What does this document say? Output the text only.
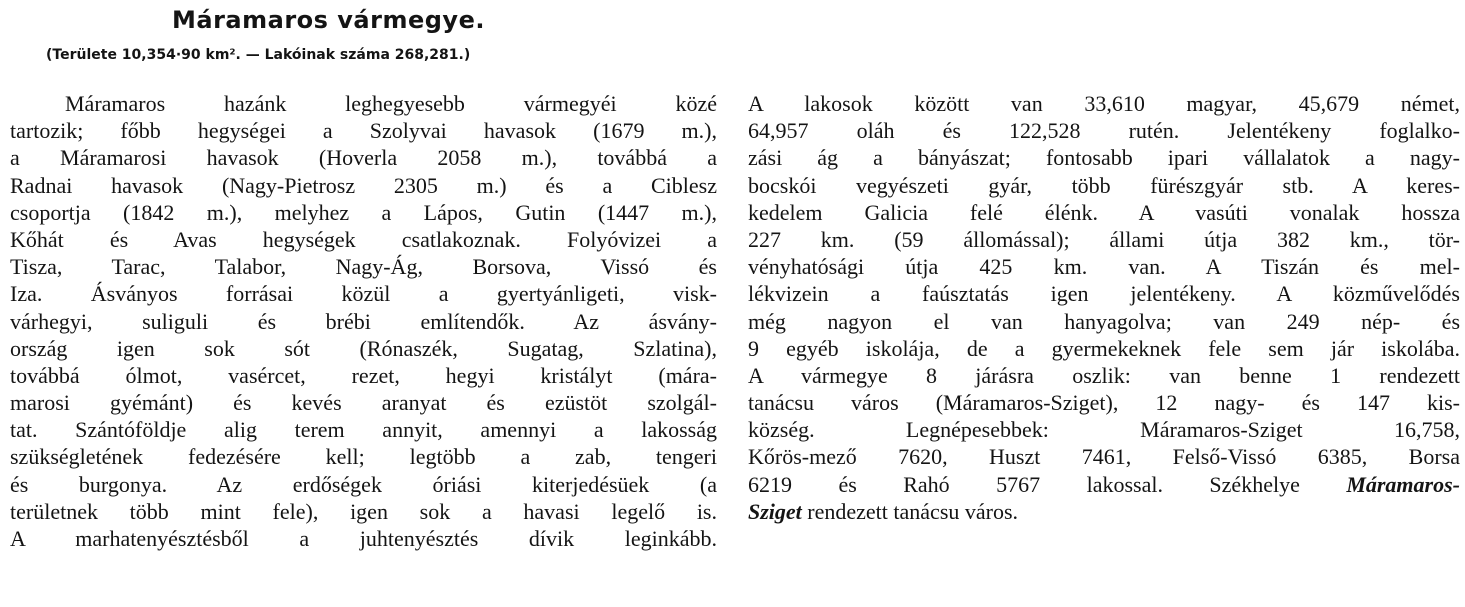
Máramaros vármegye.

(Területe 10,354·90 km². — Lakóinak száma 268,281.)

Máramaros hazánk leghegyesebb vármegyéi közé
tartozik; főbb hegységei a Szolyvai havasok (1679 m.),
a Máramarosi havasok (Hoverla 2058 m.), továbbá a
Radnai havasok (Nagy-Pietrosz 2305 m.) és a Ciblesz
csoportja (1842 m.), melyhez a Lápos, Gutin (1447 m.),
Kőhát és Avas hegységek csatlakoznak. Folyóvizei a
Tisza, Tarac, Talabor, Nagy-Ág, Borsova, Vissó és
Iza. Ásványos forrásai közül a gyertyánligeti, visk-
várhegyi, suliguli és brébi említendők. Az ásvány-
ország igen sok sót (Rónaszék, Sugatag, Szlatina),
továbbá ólmot, vasércet, rezet, hegyi kristályt (mára-
marosi gyémánt) és kevés aranyat és ezüstöt szolgál-
tat. Szántóföldje alig terem annyit, amennyi a lakosság
szükségletének fedezésére kell; legtöbb a zab, tengeri
és burgonya. Az erdőségek óriási kiterjedésüek (a
területnek több mint fele), igen sok a havasi legelő is.
A marhatenyésztésből a juhtenyésztés dívik leginkább.
A lakosok között van 33,610 magyar, 45,679 német,
64,957 oláh és 122,528 rutén. Jelentékeny foglalko-
zási ág a bányászat; fontosabb ipari vállalatok a nagy-
bocskói vegyészeti gyár, több fürészgyár stb. A keres-
kedelem Galicia felé élénk. A vasúti vonalak hossza
227 km. (59 állomással); állami útja 382 km., tör-
vényhatósági útja 425 km. van. A Tiszán és mel-
lékvizein a faúsztatás igen jelentékeny. A közművelődés
még nagyon el van hanyagolva; van 249 nép- és
9 egyéb iskolája, de a gyermekeknek fele sem jár iskolába.
A vármegye 8 járásra oszlik: van benne 1 rendezett
tanácsu város (Máramaros-Sziget), 12 nagy- és 147 kis-
község. Legnépesebbek: Máramaros-Sziget 16,758,
Kőrös-mező 7620, Huszt 7461, Felső-Vissó 6385, Borsa
6219 és Rahó 5767 lakossal. Székhelye Máramaros-
Sziget rendezett tanácsu város.
